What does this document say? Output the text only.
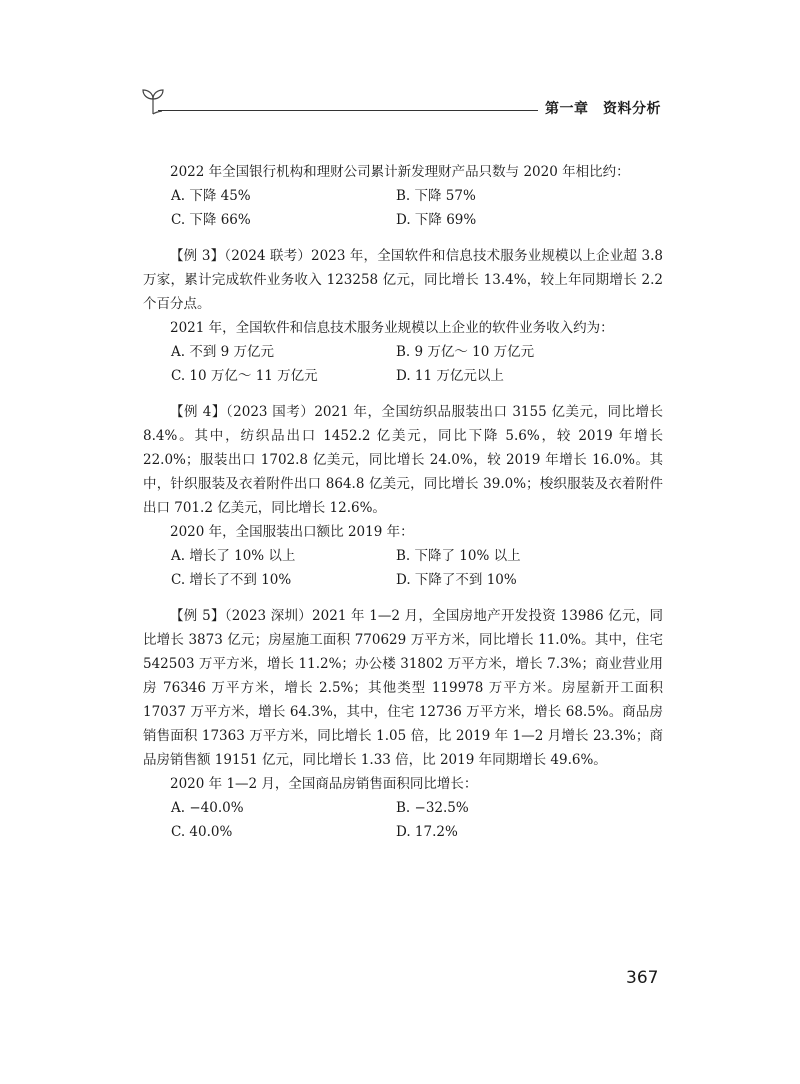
第一章　资料分析

2022 年全国银行机构和理财公司累计新发理财产品只数与 2020 年相比约：

A. 下降 45%	B. 下降 57%
C. 下降 66%	D. 下降 69%

【例 3】（2024 联考）2023 年，全国软件和信息技术服务业规模以上企业超 3.8 万家，累计完成软件业务收入 123258 亿元，同比增长 13.4%，较上年同期增长 2.2 个百分点。

2021 年，全国软件和信息技术服务业规模以上企业的软件业务收入约为：

A. 不到 9 万亿元	B. 9 万亿～ 10 万亿元
C. 10 万亿～ 11 万亿元	D. 11 万亿元以上

【例 4】（2023 国考）2021 年，全国纺织品服装出口 3155 亿美元，同比增长 8.4%。其中，纺织品出口 1452.2 亿美元，同比下降 5.6%，较 2019 年增长 22.0%；服装出口 1702.8 亿美元，同比增长 24.0%，较 2019 年增长 16.0%。其中，针织服装及衣着附件出口 864.8 亿美元，同比增长 39.0%；梭织服装及衣着附件出口 701.2 亿美元，同比增长 12.6%。

2020 年，全国服装出口额比 2019 年：

A. 增长了 10% 以上	B. 下降了 10% 以上
C. 增长了不到 10%	D. 下降了不到 10%

【例 5】（2023 深圳）2021 年 1—2 月，全国房地产开发投资 13986 亿元，同比增长 3873 亿元；房屋施工面积 770629 万平方米，同比增长 11.0%。其中，住宅 542503 万平方米，增长 11.2%；办公楼 31802 万平方米，增长 7.3%；商业营业用房 76346 万平方米，增长 2.5%；其他类型 119978 万平方米。房屋新开工面积 17037 万平方米，增长 64.3%，其中，住宅 12736 万平方米，增长 68.5%。商品房销售面积 17363 万平方米，同比增长 1.05 倍，比 2019 年 1—2 月增长 23.3%；商品房销售额 19151 亿元，同比增长 1.33 倍，比 2019 年同期增长 49.6%。

2020 年 1—2 月，全国商品房销售面积同比增长：

A. −40.0%	B. −32.5%
C. 40.0%	D. 17.2%
367
